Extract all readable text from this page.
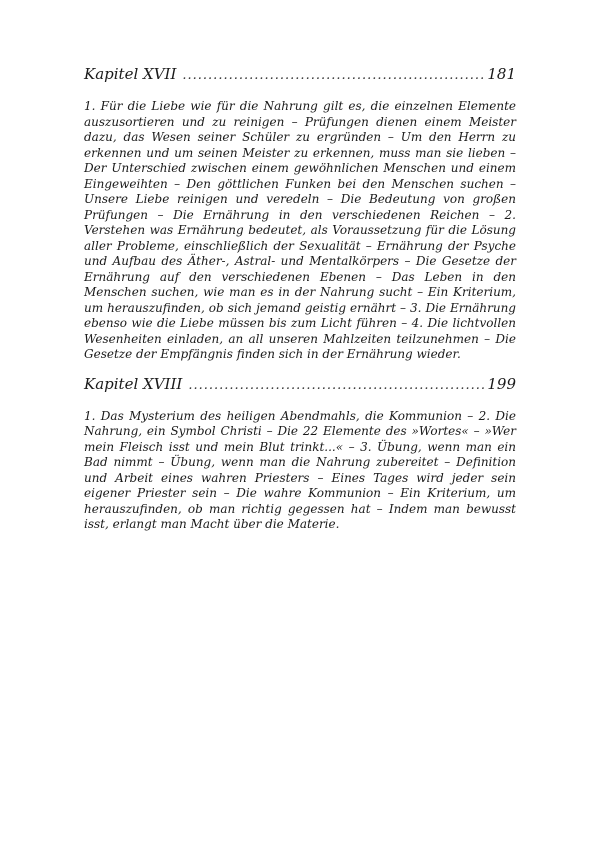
Kapitel XVII .....	181

1. Für die Liebe wie für die Nahrung gilt es, die einzelnen Elemente auszusortieren und zu reinigen – Prüfungen dienen einem Meister dazu, das Wesen seiner Schüler zu ergründen – Um den Herrn zu erkennen und um seinen Meister zu erkennen, muss man sie lieben – Der Unterschied zwischen einem gewöhnlichen Menschen und einem Eingeweihten – Den göttlichen Funken bei den Menschen suchen – Unsere Liebe reinigen und veredeln – Die Bedeutung von großen Prüfungen – Die Ernährung in den verschiedenen Reichen – 2. Verstehen was Ernährung bedeutet, als Voraussetzung für die Lösung aller Probleme, einschließlich der Sexualität – Ernährung der Psyche und Aufbau des Äther-, Astral- und Mentalkörpers – Die Gesetze der Ernährung auf den verschiedenen Ebenen – Das Leben in den Menschen suchen, wie man es in der Nahrung sucht – Ein Kriterium, um herauszufinden, ob sich jemand geistig ernährt – 3. Die Ernährung ebenso wie die Liebe müssen bis zum Licht führen – 4. Die lichtvollen Wesenheiten einladen, an all unseren Mahlzeiten teilzunehmen – Die Gesetze der Empfängnis finden sich in der Ernährung wieder.

Kapitel XVIII .....	199

1. Das Mysterium des heiligen Abendmahls, die Kommunion – 2. Die Nahrung, ein Symbol Christi – Die 22 Elemente des »Wortes« – »Wer mein Fleisch isst und mein Blut trinkt...« – 3. Übung, wenn man ein Bad nimmt – Übung, wenn man die Nahrung zubereitet – Definition und Arbeit eines wahren Priesters – Eines Tages wird jeder sein eigener Priester sein – Die wahre Kommunion – Ein Kriterium, um herauszufinden, ob man richtig gegessen hat – Indem man bewusst isst, erlangt man Macht über die Materie.
